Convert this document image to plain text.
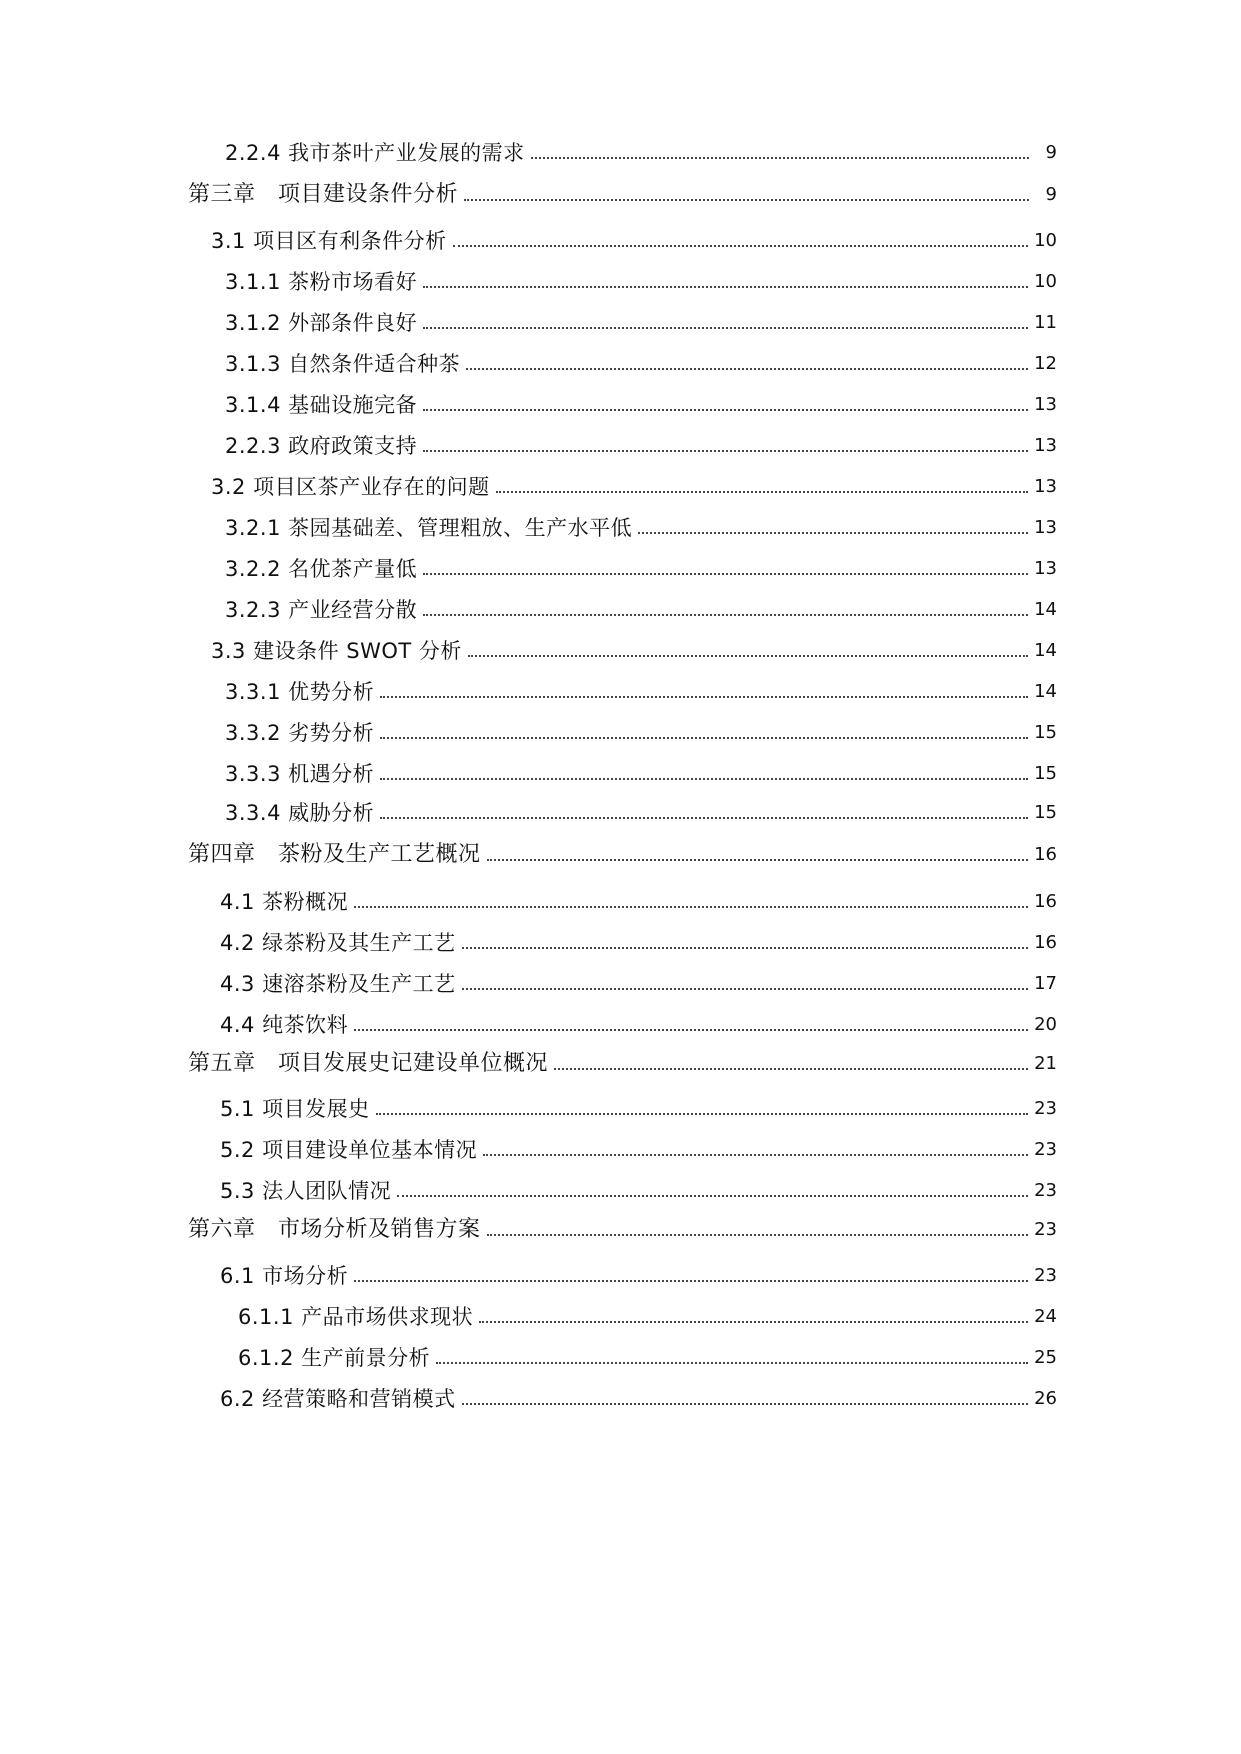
2.2.4 我市茶叶产业发展的需求	9
第三章　项目建设条件分析	9
3.1 项目区有利条件分析	10
3.1.1 茶粉市场看好	10
3.1.2 外部条件良好	11
3.1.3 自然条件适合种茶	12
3.1.4 基础设施完备	13
2.2.3 政府政策支持	13
3.2 项目区茶产业存在的问题	13
3.2.1 茶园基础差、管理粗放、生产水平低	13
3.2.2 名优茶产量低	13
3.2.3 产业经营分散	14
3.3 建设条件 SWOT 分析	14
3.3.1 优势分析	14
3.3.2 劣势分析	15
3.3.3 机遇分析	15
3.3.4 威胁分析	15
第四章　茶粉及生产工艺概况	16
4.1 茶粉概况	16
4.2 绿茶粉及其生产工艺	16
4.3 速溶茶粉及生产工艺	17
4.4 纯茶饮料	20
第五章　项目发展史记建设单位概况	21
5.1 项目发展史	23
5.2 项目建设单位基本情况	23
5.3 法人团队情况	23
第六章　市场分析及销售方案	23
6.1 市场分析	23
6.1.1 产品市场供求现状	24
6.1.2 生产前景分析	25
6.2 经营策略和营销模式	26
